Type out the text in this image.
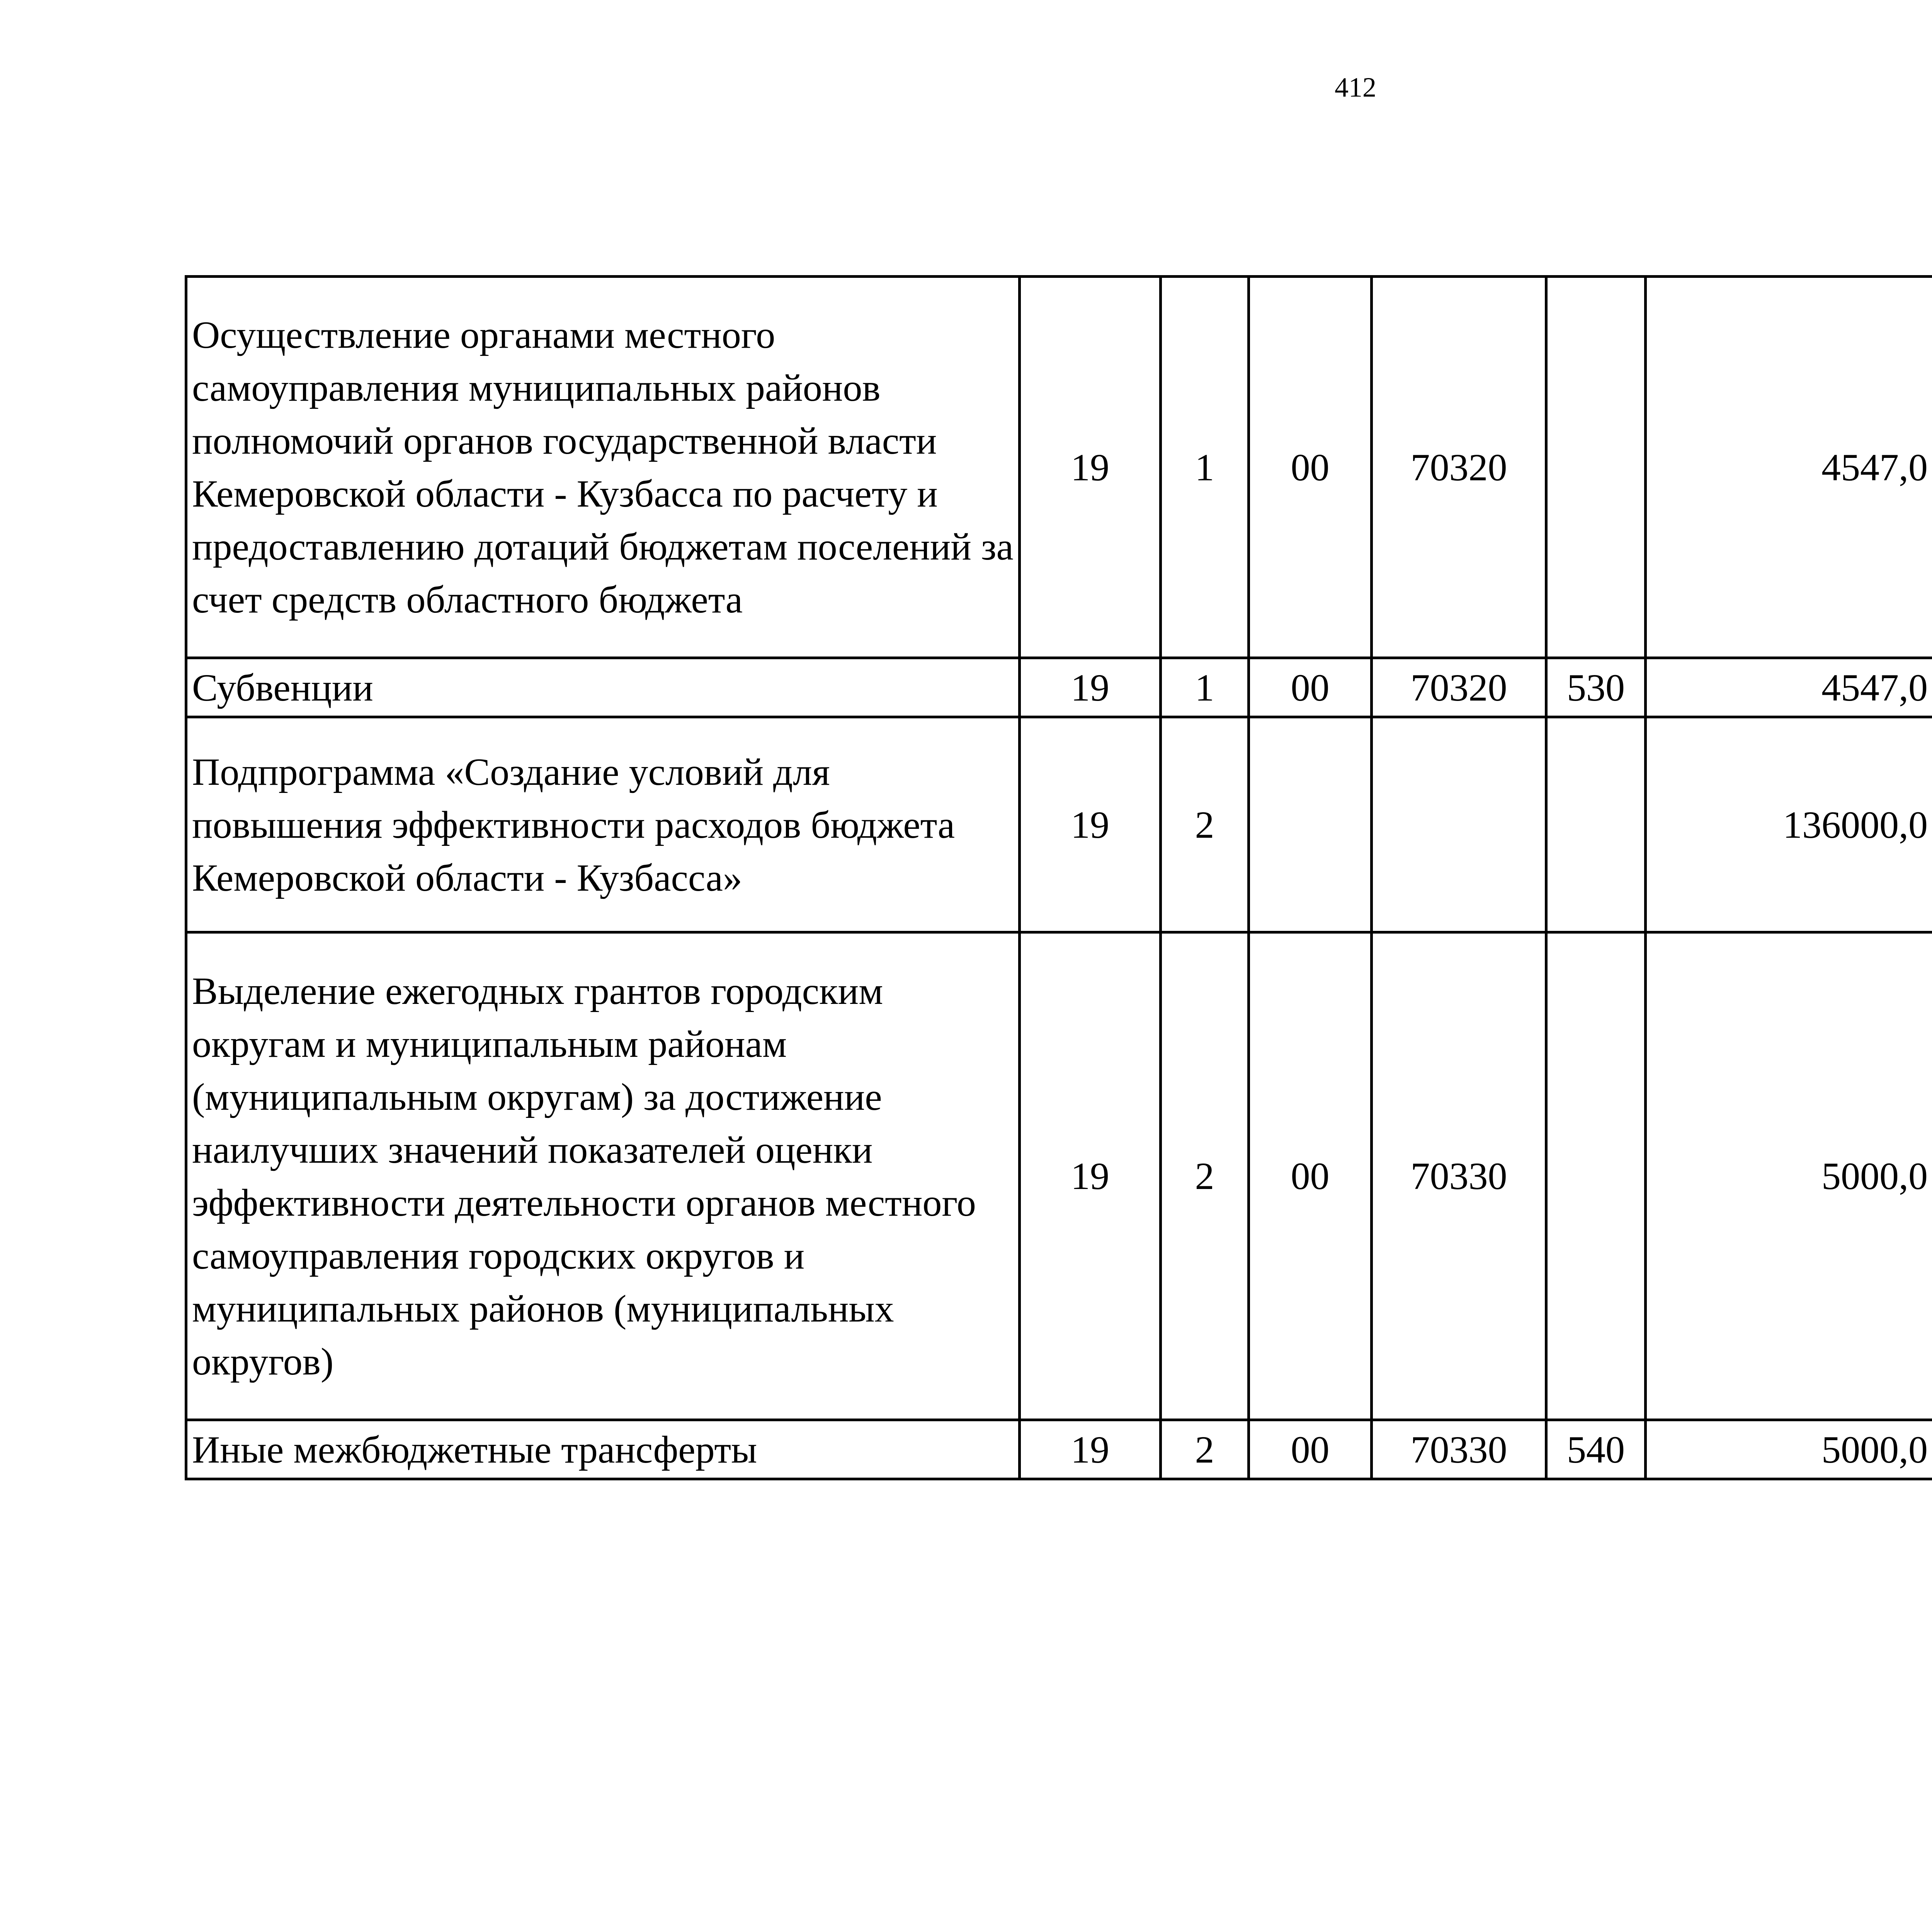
412
Осуществление органами местного самоуправления муниципальных районов полномочий органов государственной власти Кемеровской области - Кузбасса по расчету и предоставлению дотаций бюджетам поселений за счет средств областного бюджета	19	1	00	70320		4547,0		
Субвенции	19	1	00	70320	530	4547,0		
Подпрограмма «Создание условий для повышения эффективности расходов бюджета Кемеровской области - Кузбасса»	19	2				136000,0		
Выделение ежегодных грантов городским округам и муниципальным районам (муниципальным округам) за достижение наилучших значений показателей оценки эффективности деятельности органов местного самоуправления городских округов и муниципальных районов (муниципальных округов)	19	2	00	70330		5000,0		
Иные межбюджетные трансферты	19	2	00	70330	540	5000,0		
